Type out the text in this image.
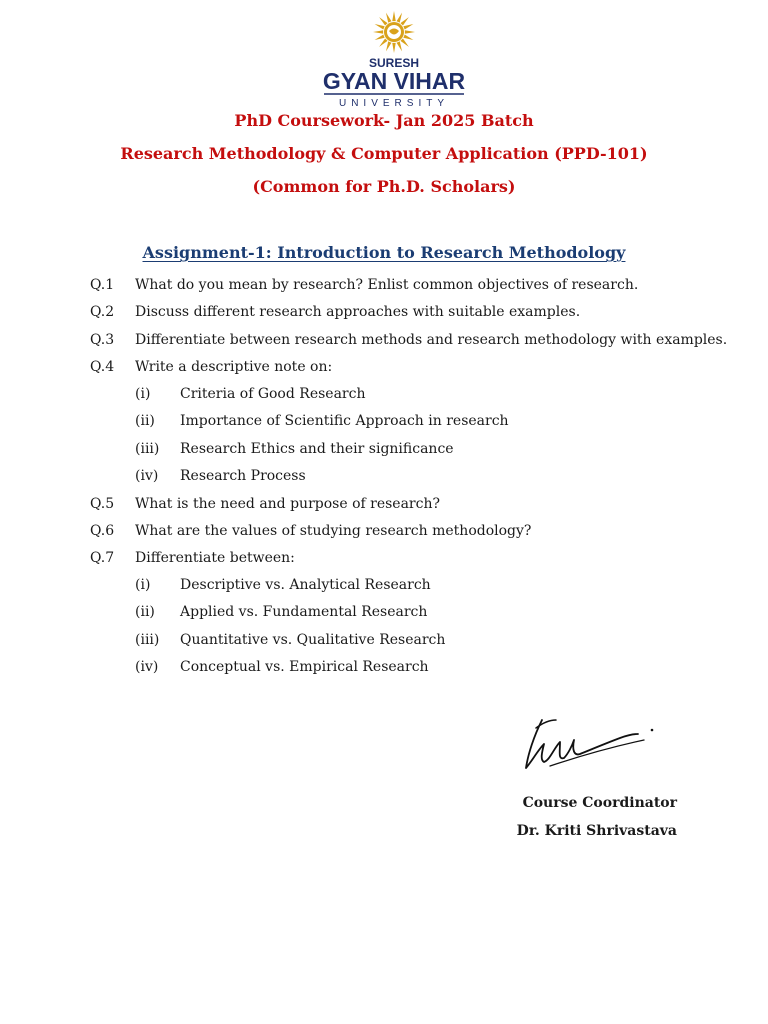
SURESH
GYAN VIHAR
UNIVERSITY
PhD Coursework- Jan 2025 Batch
Research Methodology & Computer Application (PPD-101)
(Common for Ph.D. Scholars)
Assignment-1: Introduction to Research Methodology
Q.1 What do you mean by research? Enlist common objectives of research.
Q.2 Discuss different research approaches with suitable examples.
Q.3 Differentiate between research methods and research methodology with examples.
Q.4 Write a descriptive note on:
(i) Criteria of Good Research
(ii) Importance of Scientific Approach in research
(iii) Research Ethics and their significance
(iv) Research Process
Q.5 What is the need and purpose of research?
Q.6 What are the values of studying research methodology?
Q.7 Differentiate between:
(i) Descriptive vs. Analytical Research
(ii) Applied vs. Fundamental Research
(iii) Quantitative vs. Qualitative Research
(iv) Conceptual vs. Empirical Research
Course Coordinator
Dr. Kriti Shrivastava
